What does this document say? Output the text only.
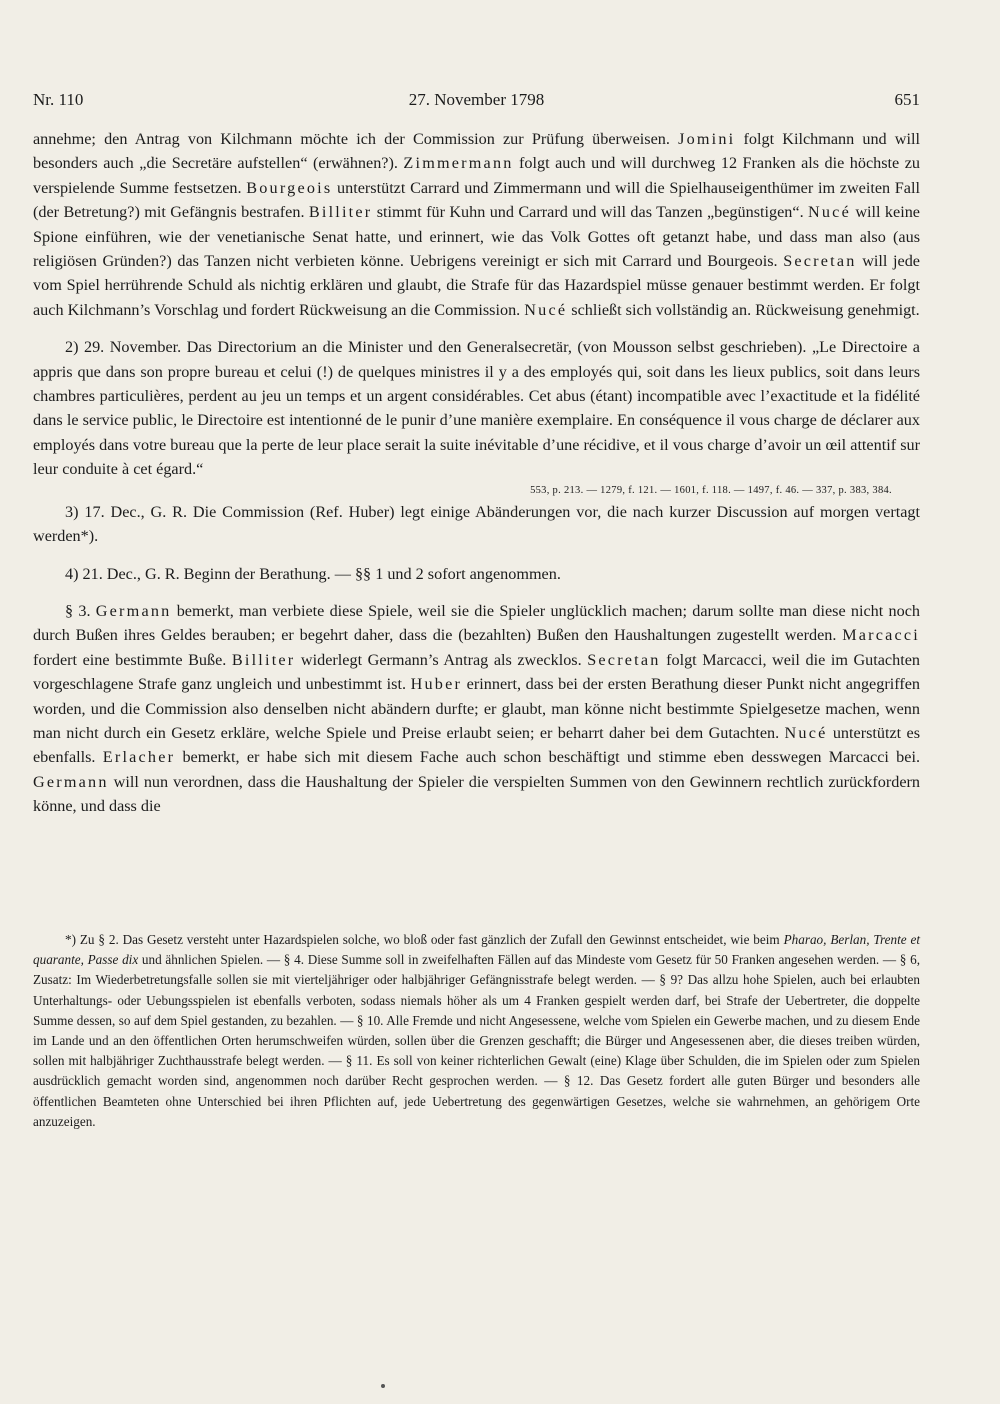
Nr. 110	27. November 1798	651

annehme; den Antrag von Kilchmann möchte ich der Commission zur Prüfung überweisen. Jomini folgt Kilchmann und will besonders auch „die Secretäre aufstellen“ (erwähnen?). Zimmermann folgt auch und will durchweg 12 Franken als die höchste zu verspielende Summe festsetzen. Bourgeois unterstützt Carrard und Zimmermann und will die Spielhauseigenthümer im zweiten Fall (der Betretung?) mit Gefängnis bestrafen. Billiter stimmt für Kuhn und Carrard und will das Tanzen „begünstigen“. Nucé will keine Spione einführen, wie der venetianische Senat hatte, und erinnert, wie das Volk Gottes oft getanzt habe, und dass man also (aus religiösen Gründen?) das Tanzen nicht verbieten könne. Uebrigens vereinigt er sich mit Carrard und Bourgeois. Secretan will jede vom Spiel herrührende Schuld als nichtig erklären und glaubt, die Strafe für das Hazardspiel müsse genauer bestimmt werden. Er folgt auch Kilchmann’s Vorschlag und fordert Rückweisung an die Commission. Nucé schließt sich vollständig an. Rückweisung genehmigt.

2) 29. November. Das Directorium an die Minister und den Generalsecretär, (von Mousson selbst geschrieben). „Le Directoire a appris que dans son propre bureau et celui (!) de quelques ministres il y a des employés qui, soit dans les lieux publics, soit dans leurs chambres particulières, perdent au jeu un temps et un argent considérables. Cet abus (étant) incompatible avec l’exactitude et la fidélité dans le service public, le Directoire est intentionné de le punir d’une manière exemplaire. En conséquence il vous charge de déclarer aux employés dans votre bureau que la perte de leur place serait la suite inévitable d’une récidive, et il vous charge d’avoir un œil attentif sur leur conduite à cet égard.“

553, p. 213. — 1279, f. 121. — 1601, f. 118. — 1497, f. 46. — 337, p. 383, 384.

3) 17. Dec., G. R. Die Commission (Ref. Huber) legt einige Abänderungen vor, die nach kurzer Discussion auf morgen vertagt werden*).

4) 21. Dec., G. R. Beginn der Berathung. — §§ 1 und 2 sofort angenommen.

§ 3. Germann bemerkt, man verbiete diese Spiele, weil sie die Spieler unglücklich machen; darum sollte man diese nicht noch durch Bußen ihres Geldes berauben; er begehrt daher, dass die (bezahlten) Bußen den Haushaltungen zugestellt werden. Marcacci fordert eine bestimmte Buße. Billiter widerlegt Germann’s Antrag als zwecklos. Secretan folgt Marcacci, weil die im Gutachten vorgeschlagene Strafe ganz ungleich und unbestimmt ist. Huber erinnert, dass bei der ersten Berathung dieser Punkt nicht angegriffen worden, und die Commission also denselben nicht abändern durfte; er glaubt, man könne nicht bestimmte Spielgesetze machen, wenn man nicht durch ein Gesetz erkläre, welche Spiele und Preise erlaubt seien; er beharrt daher bei dem Gutachten. Nucé unterstützt es ebenfalls. Erlacher bemerkt, er habe sich mit diesem Fache auch schon beschäftigt und stimme eben desswegen Marcacci bei. Germann will nun verordnen, dass die Haushaltung der Spieler die verspielten Summen von den Gewinnern rechtlich zurückfordern könne, und dass die

*) Zu § 2. Das Gesetz versteht unter Hazardspielen solche, wo bloß oder fast gänzlich der Zufall den Gewinnst entscheidet, wie beim Pharao, Berlan, Trente et quarante, Passe dix und ähnlichen Spielen. — § 4. Diese Summe soll in zweifelhaften Fällen auf das Mindeste vom Gesetz für 50 Franken angesehen werden. — § 6, Zusatz: Im Wiederbetretungsfalle sollen sie mit vierteljähriger oder halbjähriger Gefängnisstrafe belegt werden. — § 9? Das allzu hohe Spielen, auch bei erlaubten Unterhaltungs- oder Uebungsspielen ist ebenfalls verboten, sodass niemals höher als um 4 Franken gespielt werden darf, bei Strafe der Uebertreter, die doppelte Summe dessen, so auf dem Spiel gestanden, zu bezahlen. — § 10. Alle Fremde und nicht Angesessene, welche vom Spielen ein Gewerbe machen, und zu diesem Ende im Lande und an den öffentlichen Orten herumschweifen würden, sollen über die Grenzen geschafft; die Bürger und Angesessenen aber, die dieses treiben würden, sollen mit halbjähriger Zuchthausstrafe belegt werden. — § 11. Es soll von keiner richterlichen Gewalt (eine) Klage über Schulden, die im Spielen oder zum Spielen ausdrücklich gemacht worden sind, angenommen noch darüber Recht gesprochen werden. — § 12. Das Gesetz fordert alle guten Bürger und besonders alle öffentlichen Beamteten ohne Unterschied bei ihren Pflichten auf, jede Uebertretung des gegenwärtigen Gesetzes, welche sie wahrnehmen, an gehörigem Orte anzuzeigen.
